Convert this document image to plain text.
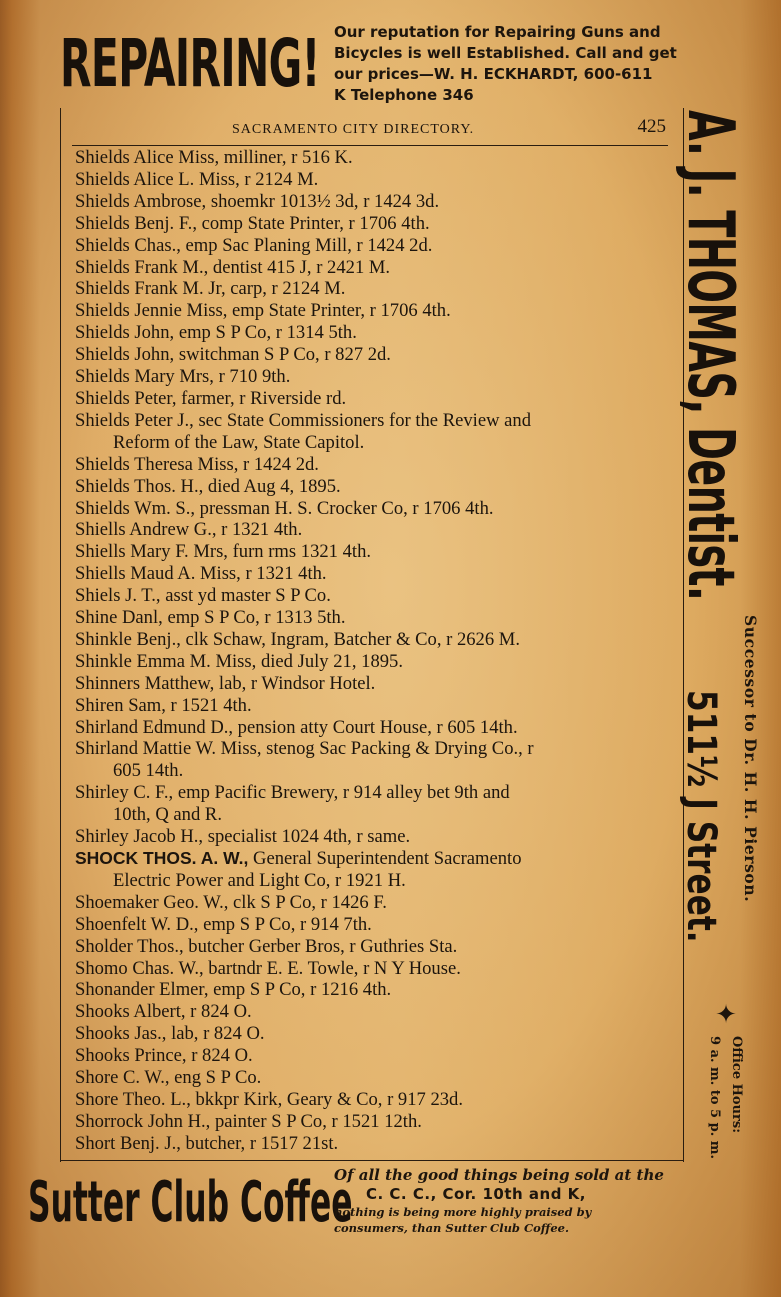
REPAIRING! Our reputation for Repairing Guns and
Bicycles is well Established. Call and get
our prices—W. H. ECKHARDT, 600-611
K Telephone 346
SACRAMENTO CITY DIRECTORY.	425
Shields Alice Miss, milliner, r 516 K.
Shields Alice L. Miss, r 2124 M.
Shields Ambrose, shoemkr 1013½ 3d, r 1424 3d.
Shields Benj. F., comp State Printer, r 1706 4th.
Shields Chas., emp Sac Planing Mill, r 1424 2d.
Shields Frank M., dentist 415 J, r 2421 M.
Shields Frank M. Jr, carp, r 2124 M.
Shields Jennie Miss, emp State Printer, r 1706 4th.
Shields John, emp S P Co, r 1314 5th.
Shields John, switchman S P Co, r 827 2d.
Shields Mary Mrs, r 710 9th.
Shields Peter, farmer, r Riverside rd.
Shields Peter J., sec State Commissioners for the Review and
Reform of the Law, State Capitol.
Shields Theresa Miss, r 1424 2d.
Shields Thos. H., died Aug 4, 1895.
Shields Wm. S., pressman H. S. Crocker Co, r 1706 4th.
Shiells Andrew G., r 1321 4th.
Shiells Mary F. Mrs, furn rms 1321 4th.
Shiells Maud A. Miss, r 1321 4th.
Shiels J. T., asst yd master S P Co.
Shine Danl, emp S P Co, r 1313 5th.
Shinkle Benj., clk Schaw, Ingram, Batcher & Co, r 2626 M.
Shinkle Emma M. Miss, died July 21, 1895.
Shinners Matthew, lab, r Windsor Hotel.
Shiren Sam, r 1521 4th.
Shirland Edmund D., pension atty Court House, r 605 14th.
Shirland Mattie W. Miss, stenog Sac Packing & Drying Co., r
605 14th.
Shirley C. F., emp Pacific Brewery, r 914 alley bet 9th and
10th, Q and R.
Shirley Jacob H., specialist 1024 4th, r same.
SHOCK THOS. A. W., General Superintendent Sacramento
Electric Power and Light Co, r 1921 H.
Shoemaker Geo. W., clk S P Co, r 1426 F.
Shoenfelt W. D., emp S P Co, r 914 7th.
Sholder Thos., butcher Gerber Bros, r Guthries Sta.
Shomo Chas. W., bartndr E. E. Towle, r N Y House.
Shonander Elmer, emp S P Co, r 1216 4th.
Shooks Albert, r 824 O.
Shooks Jas., lab, r 824 O.
Shooks Prince, r 824 O.
Shore C. W., eng S P Co.
Shore Theo. L., bkkpr Kirk, Geary & Co, r 917 23d.
Shorrock John H., painter S P Co, r 1521 12th.
Short Benj. J., butcher, r 1517 21st.
Sutter Club Coffee
Of all the good things being sold at the
C. C. C., Cor. 10th and K,
nothing is being more highly praised by
consumers, than Sutter Club Coffee.
A. J. THOMAS, Dentist.
511½ J Street. Successor to Dr. H. H. Pierson.
✦
Office Hours:
9 a. m. to 5 p. m.
